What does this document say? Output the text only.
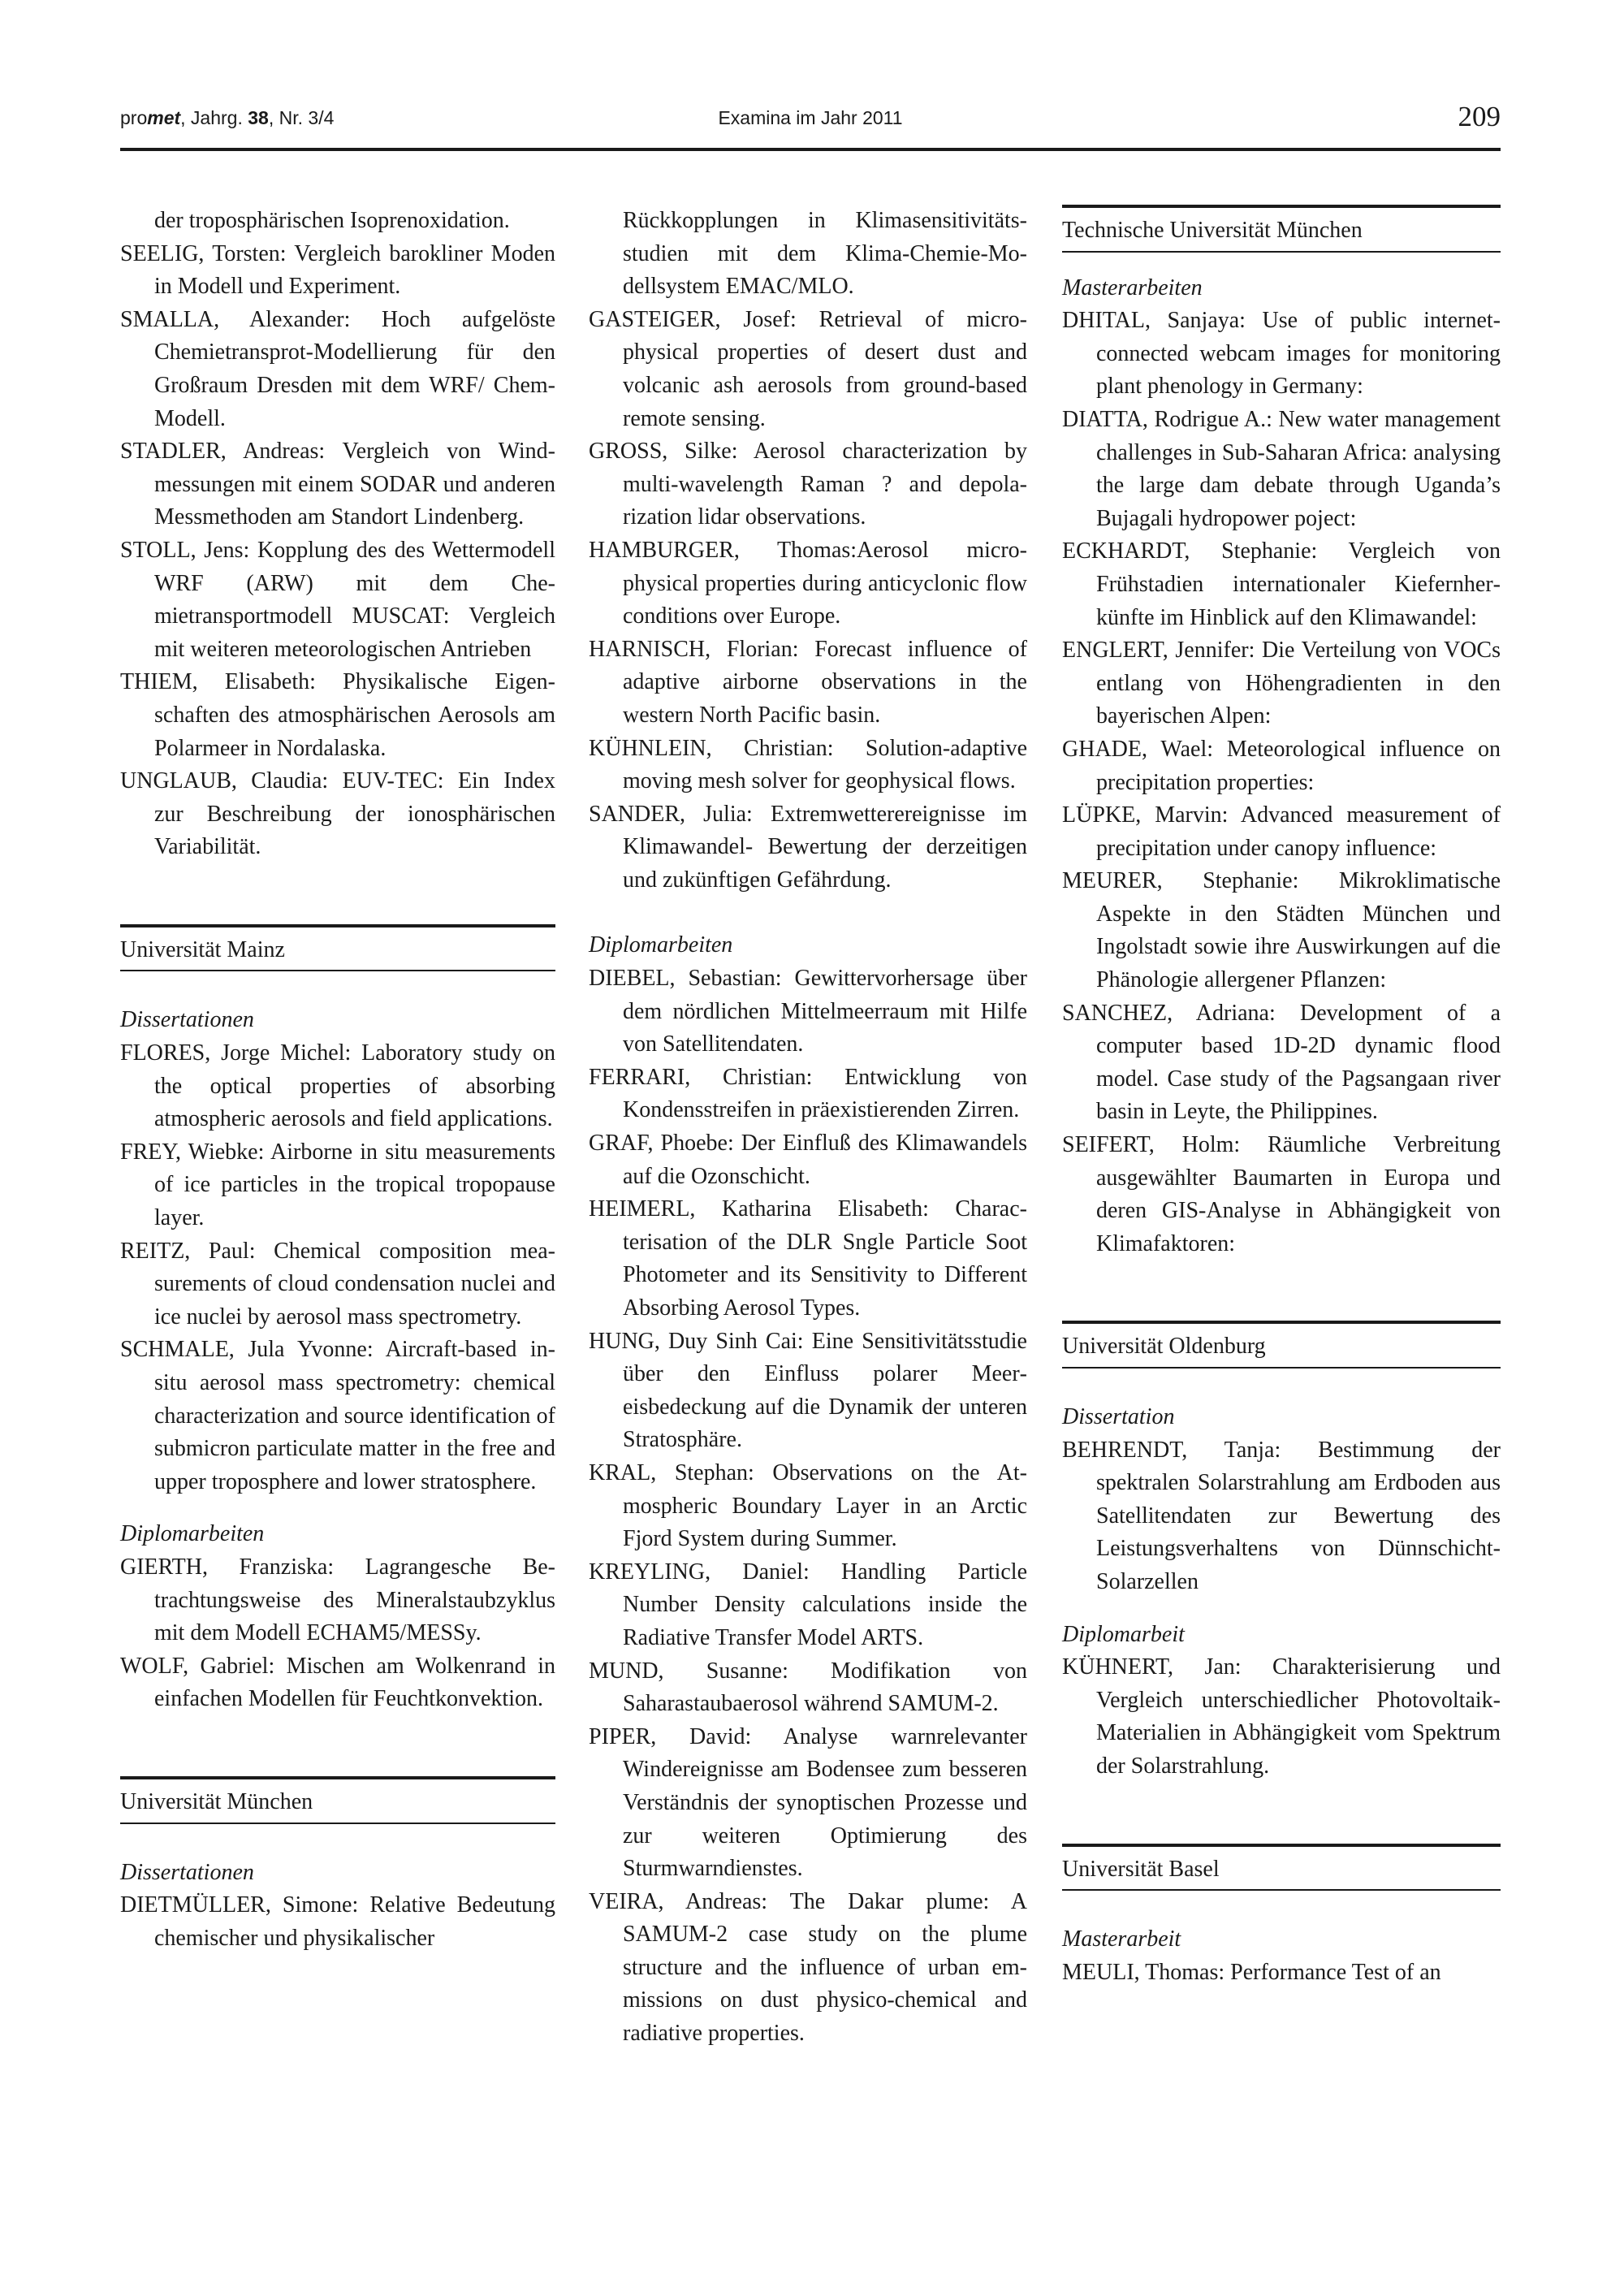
promet, Jahrg. 38, Nr. 3/4	Examina im Jahr 2011	209

der troposphärischen Isoprenoxidation.

SEELIG, Torsten: Vergleich barokliner Moden in Modell und Experiment.

SMALLA, Alexander: Hoch aufgelöste Chemietransprot-Modellierung für den Großraum Dresden mit dem WRF/ Chem-Modell.

STADLER, Andreas: Vergleich von Windmessungen mit einem SODAR und anderen Messmethoden am Standort Lindenberg.

STOLL, Jens: Kopplung des des Wettermodell WRF (ARW) mit dem Chemietransportmodell MUSCAT: Vergleich mit weiteren meteorologischen Antrieben

THIEM, Elisabeth: Physikalische Eigenschaften des atmosphärischen Aerosols am Polarmeer in Nordalaska.

UNGLAUB, Claudia: EUV-TEC: Ein Index zur Beschreibung der ionosphärischen Variabilität.

Universität Mainz

Dissertationen

FLORES, Jorge Michel: Laboratory study on the optical properties of absorbing atmospheric aerosols and field applications.

FREY, Wiebke: Airborne in situ measurements of ice particles in the tropical tropopause layer.

REITZ, Paul: Chemical composition measurements of cloud condensation nuclei and ice nuclei by aerosol mass spectrometry.

SCHMALE, Jula Yvonne: Aircraft-based in-situ aerosol mass spectrometry: chemical characterization and source identification of submicron particulate matter in the free and upper troposphere and lower stratosphere.

Diplomarbeiten

GIERTH, Franziska: Lagrangesche Betrachtungsweise des Mineralstaubzyklus mit dem Modell ECHAM5/MESSy.

WOLF, Gabriel: Mischen am Wolkenrand in einfachen Modellen für Feuchtkonvektion.

Universität München

Dissertationen

DIETMÜLLER, Simone: Relative Bedeutung chemischer und physikalischer

Rückkopplungen in Klimasensitivitätsstudien mit dem Klima-Chemie-Modellsystem EMAC/MLO.

GASTEIGER, Josef: Retrieval of microphysical properties of desert dust and volcanic ash aerosols from ground-based remote sensing.

GROSS, Silke: Aerosol characterization by multi-wavelength Raman ? and depolarization lidar observations.

HAMBURGER, Thomas:Aerosol microphysical properties during anticyclonic flow conditions over Europe.

HARNISCH, Florian: Forecast influence of adaptive airborne observations in the western North Pacific basin.

KÜHNLEIN, Christian: Solution-adaptive moving mesh solver for geophysical flows.

SANDER, Julia: Extremwetterereignisse im Klimawandel- Bewertung der derzeitigen und zukünftigen Gefährdung.

Diplomarbeiten

DIEBEL, Sebastian: Gewittervorhersage über dem nördlichen Mittelmeerraum mit Hilfe von Satellitendaten.

FERRARI, Christian: Entwicklung von Kondensstreifen in präexistierenden Zirren.

GRAF, Phoebe: Der Einfluß des Klimawandels auf die Ozonschicht.

HEIMERL, Katharina Elisabeth: Characterisation of the DLR Sngle Particle Soot Photometer and its Sensitivity to Different Absorbing Aerosol Types.

HUNG, Duy Sinh Cai: Eine Sensitivitätsstudie über den Einfluss polarer Meereisbedeckung auf die Dynamik der unteren Stratosphäre.

KRAL, Stephan: Observations on the Atmospheric Boundary Layer in an Arctic Fjord System during Summer.

KREYLING, Daniel: Handling Particle Number Density calculations inside the Radiative Transfer Model ARTS.

MUND, Susanne: Modifikation von Saharastaubaerosol während SAMUM-2.

PIPER, David: Analyse warnrelevanter Windereignisse am Bodensee zum besseren Verständnis der synoptischen Prozesse und zur weiteren Optimierung des Sturmwarndienstes.

VEIRA, Andreas: The Dakar plume: A SAMUM-2 case study on the plume structure and the influence of urban emmissions on dust physico-chemical and radiative properties.

Technische Universität München

Masterarbeiten

DHITAL, Sanjaya: Use of public internet-connected webcam images for monitoring plant phenology in Germany:

DIATTA, Rodrigue A.: New water management challenges in Sub-Saharan Africa: analysing the large dam debate through Uganda’s Bujagali hydropower poject:

ECKHARDT, Stephanie: Vergleich von Frühstadien internationaler Kiefernherkünfte im Hinblick auf den Klimawandel:

ENGLERT, Jennifer: Die Verteilung von VOCs entlang von Höhengradienten in den bayerischen Alpen:

GHADE, Wael: Meteorological influence on precipitation properties:

LÜPKE, Marvin: Advanced measurement of precipitation under canopy influence:

MEURER, Stephanie: Mikroklimatische Aspekte in den Städten München und Ingolstadt sowie ihre Auswirkungen auf die Phänologie allergener Pflanzen:

SANCHEZ, Adriana: Development of a computer based 1D-2D dynamic flood model. Case study of the Pagsangaan river basin in Leyte, the Philippines.

SEIFERT, Holm: Räumliche Verbreitung ausgewählter Baumarten in Europa und deren GIS-Analyse in Abhängigkeit von Klimafaktoren:

Universität Oldenburg

Dissertation

BEHRENDT, Tanja: Bestimmung der spektralen Solarstrahlung am Erdboden aus Satellitendaten zur Bewertung des Leistungsverhaltens von Dünnschicht-Solarzellen

Diplomarbeit

KÜHNERT, Jan: Charakterisierung und Vergleich unterschiedlicher Photovoltaik-Materialien in Abhängigkeit vom Spektrum der Solarstrahlung.

Universität Basel

Masterarbeit

MEULI, Thomas: Performance Test of an
